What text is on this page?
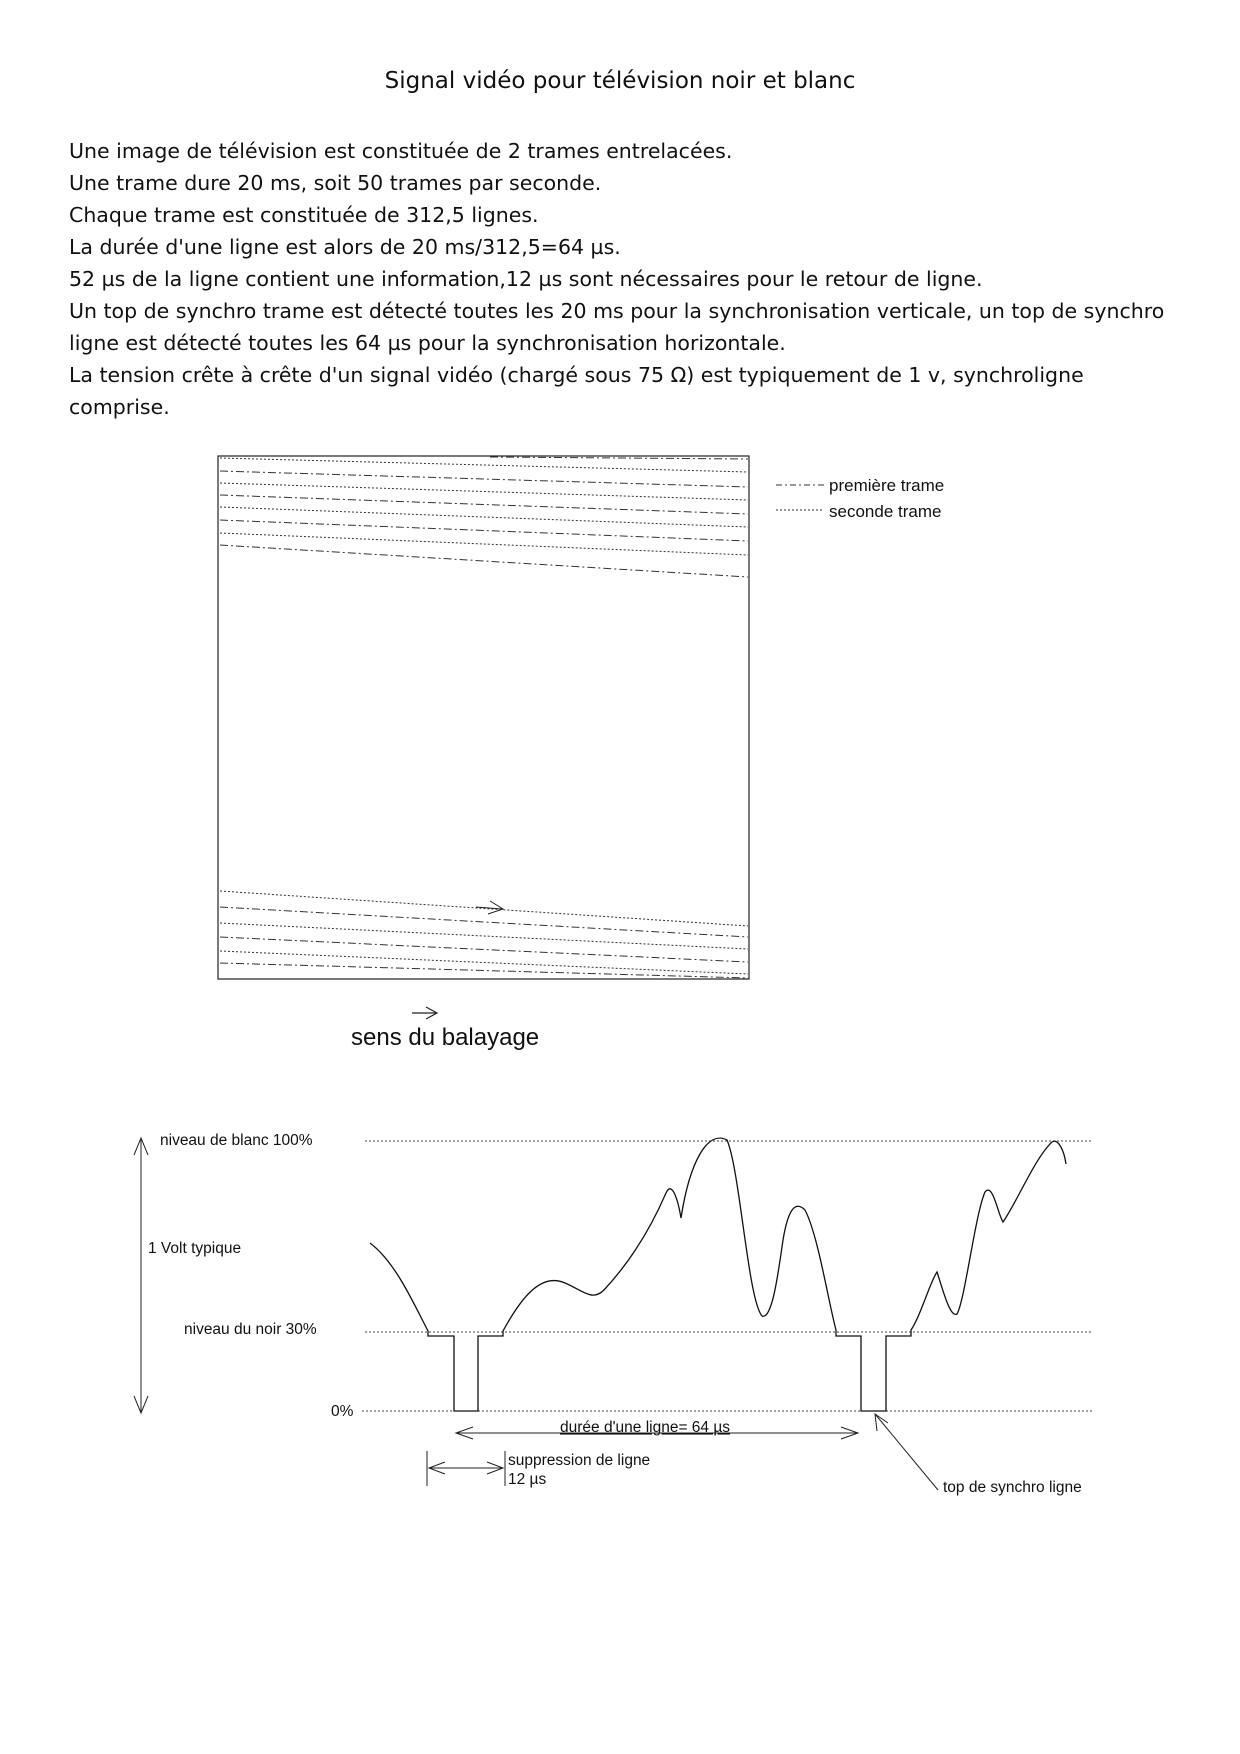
Signal vidéo pour télévision noir et blanc

Une image de télévision est constituée de 2 trames entrelacées.

Une trame dure 20 ms, soit 50 trames par seconde.

Chaque trame est constituée de 312,5 lignes.

La durée d'une ligne est alors de 20 ms/312,5=64 µs.

52 µs de la ligne contient une information,12 µs sont nécessaires pour le retour de ligne.

Un top de synchro trame est détecté toutes les 20 ms pour la synchronisation verticale, un top de synchro ligne est détecté toutes les 64 µs pour la synchronisation horizontale.

La tension crête à crête d'un signal vidéo (chargé sous 75 Ω) est typiquement de 1 v, synchroligne comprise.

première trame
seconde trame
sens du balayage
niveau de blanc 100%
1 Volt typique
niveau du noir 30%
0%
durée d'une ligne= 64 µs
suppression de ligne
12 µs	top de synchro ligne
